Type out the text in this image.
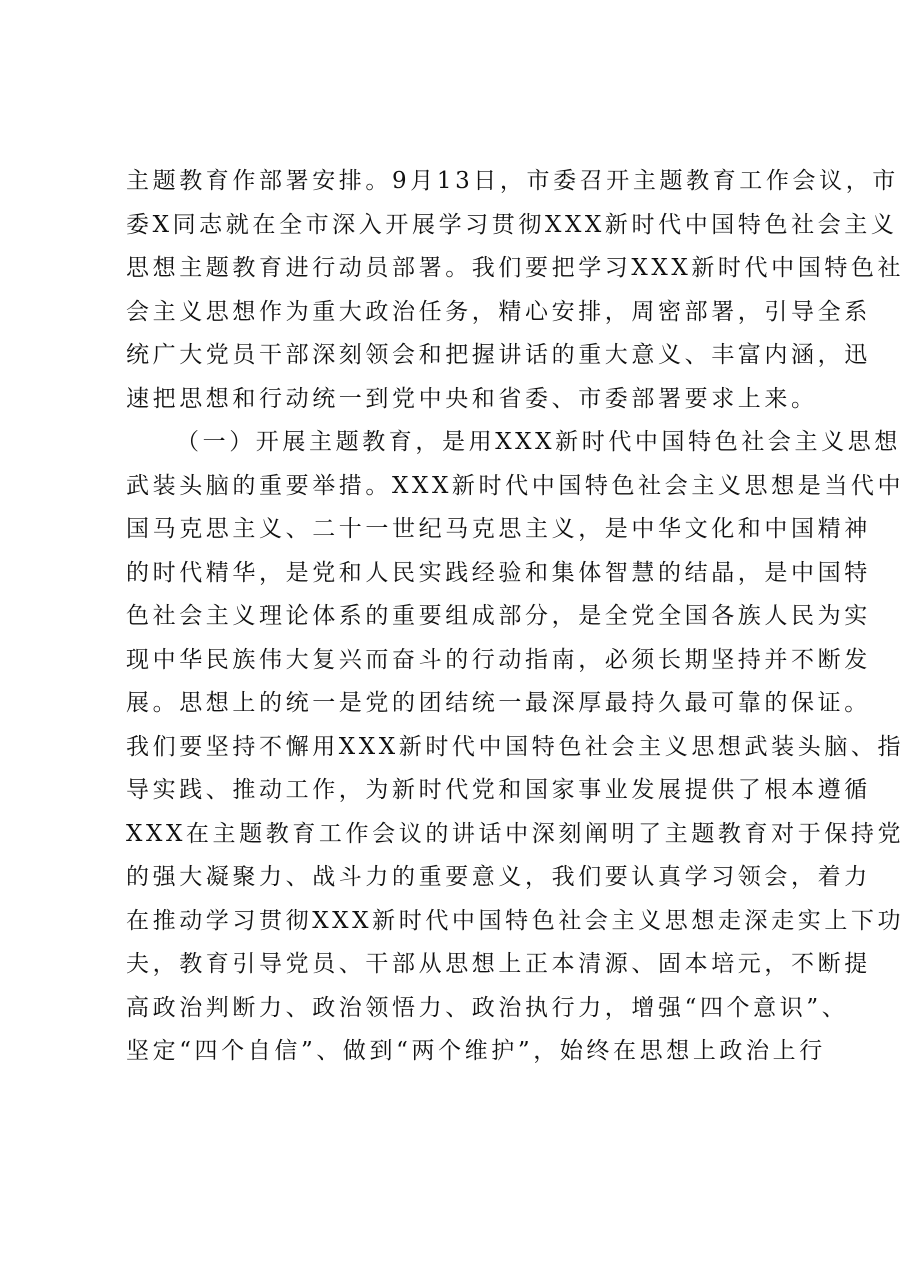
主题教育作部署安排。9月13日，市委召开主题教育工作会议，市
委X同志就在全市深入开展学习贯彻XXX新时代中国特色社会主义
思想主题教育进行动员部署。我们要把学习XXX新时代中国特色社
会主义思想作为重大政治任务，精心安排，周密部署，引导全系
统广大党员干部深刻领会和把握讲话的重大意义、丰富内涵，迅
速把思想和行动统一到党中央和省委、市委部署要求上来。
（一）开展主题教育，是用XXX新时代中国特色社会主义思想
武装头脑的重要举措。XXX新时代中国特色社会主义思想是当代中
国马克思主义、二十一世纪马克思主义，是中华文化和中国精神
的时代精华，是党和人民实践经验和集体智慧的结晶，是中国特
色社会主义理论体系的重要组成部分，是全党全国各族人民为实
现中华民族伟大复兴而奋斗的行动指南，必须长期坚持并不断发
展。思想上的统一是党的团结统一最深厚最持久最可靠的保证。
我们要坚持不懈用XXX新时代中国特色社会主义思想武装头脑、指
导实践、推动工作，为新时代党和国家事业发展提供了根本遵循
XXX在主题教育工作会议的讲话中深刻阐明了主题教育对于保持党
的强大凝聚力、战斗力的重要意义，我们要认真学习领会，着力
在推动学习贯彻XXX新时代中国特色社会主义思想走深走实上下功
夫，教育引导党员、干部从思想上正本清源、固本培元，不断提
高政治判断力、政治领悟力、政治执行力，增强“四个意识”、
坚定“四个自信”、做到“两个维护”，始终在思想上政治上行
